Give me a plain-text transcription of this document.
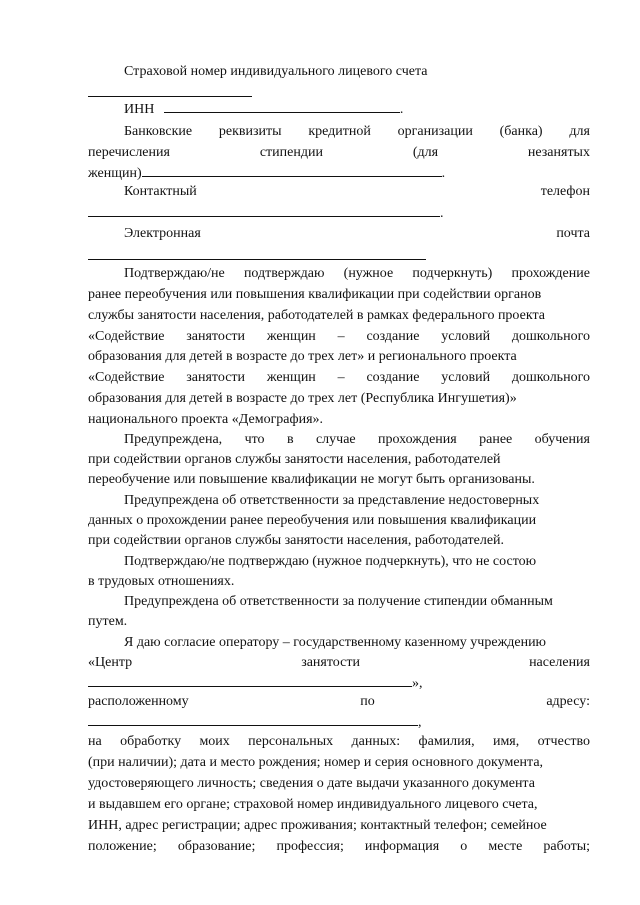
Страховой номер индивидуального лицевого счета
ИНН	.
Банковские реквизиты кредитной организации (банка) для
перечисления	стипендии	(для	незанятых
женщин)	.
Контактный	телефон
.
Электронная	почта
Подтверждаю/не подтверждаю (нужное подчеркнуть) прохождение
ранее переобучения или повышения квалификации при содействии органов
службы занятости населения, работодателей в рамках федерального проекта
«Содействие занятости женщин – создание условий дошкольного
образования для детей в возрасте до трех лет» и регионального проекта
«Содействие занятости женщин – создание условий дошкольного
образования для детей в возрасте до трех лет (Республика Ингушетия)»
национального проекта «Демография».
Предупреждена, что в случае прохождения ранее обучения
при содействии органов службы занятости населения, работодателей
переобучение или повышение квалификации не могут быть организованы.
Предупреждена об ответственности за представление недостоверных
данных о прохождении ранее переобучения или повышения квалификации
при содействии органов службы занятости населения, работодателей.
Подтверждаю/не подтверждаю (нужное подчеркнуть), что не состою
в трудовых отношениях.
Предупреждена об ответственности за получение стипендии обманным
путем.
Я даю согласие оператору – государственному казенному учреждению
«Центр	занятости	населения
»,
расположенному	по	адресу:
,
на обработку моих персональных данных: фамилия, имя, отчество
(при наличии); дата и место рождения; номер и серия основного документа,
удостоверяющего личность; сведения о дате выдачи указанного документа
и выдавшем его органе; страховой номер индивидуального лицевого счета,
ИНН, адрес регистрации; адрес проживания; контактный телефон; семейное
положение; образование; профессия; информация о месте работы;
